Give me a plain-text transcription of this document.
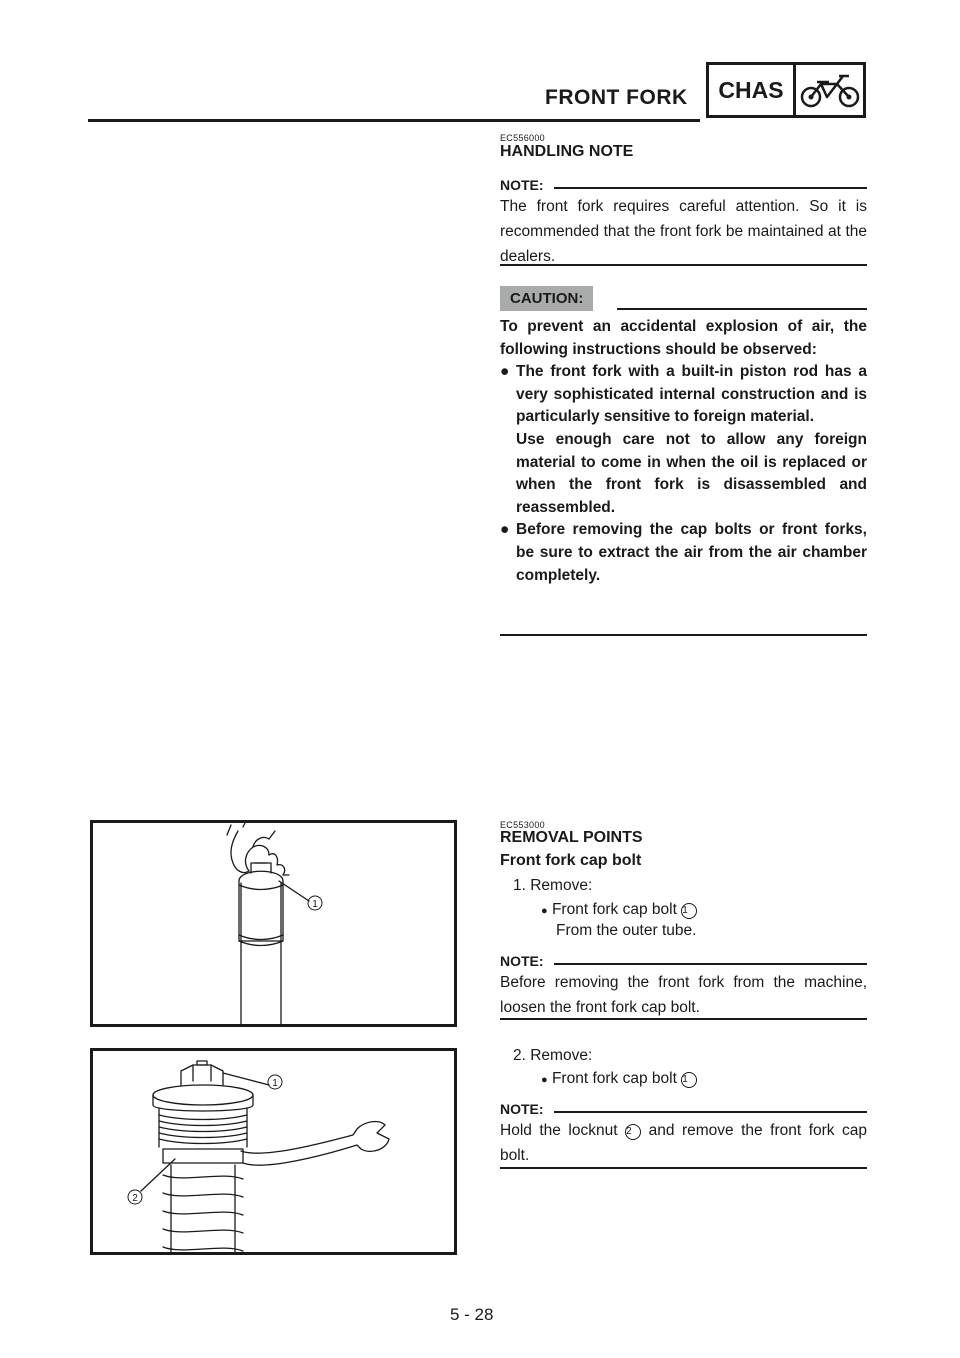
FRONT FORK	CHAS
EC556000
HANDLING NOTE
NOTE:
The front fork requires careful attention. So it is recommended that the front fork be maintained at the dealers.
CAUTION:
To prevent an accidental explosion of air, the following instructions should be observed:
● The front fork with a built-in piston rod has a very sophisticated internal construction and is particularly sensitive to foreign material.
Use enough care not to allow any foreign material to come in when the oil is replaced or when the front fork is disassembled and reassembled.
● Before removing the cap bolts or front forks, be sure to extract the air from the air chamber completely.
EC553000
REMOVAL POINTS
Front fork cap bolt
1. Remove:
● Front fork cap bolt 1
From the outer tube.
NOTE:
Before removing the front fork from the machine, loosen the front fork cap bolt.
2. Remove:
● Front fork cap bolt 1
NOTE:
Hold the locknut 2 and remove the front fork cap bolt.
1
1
2
5 - 28
